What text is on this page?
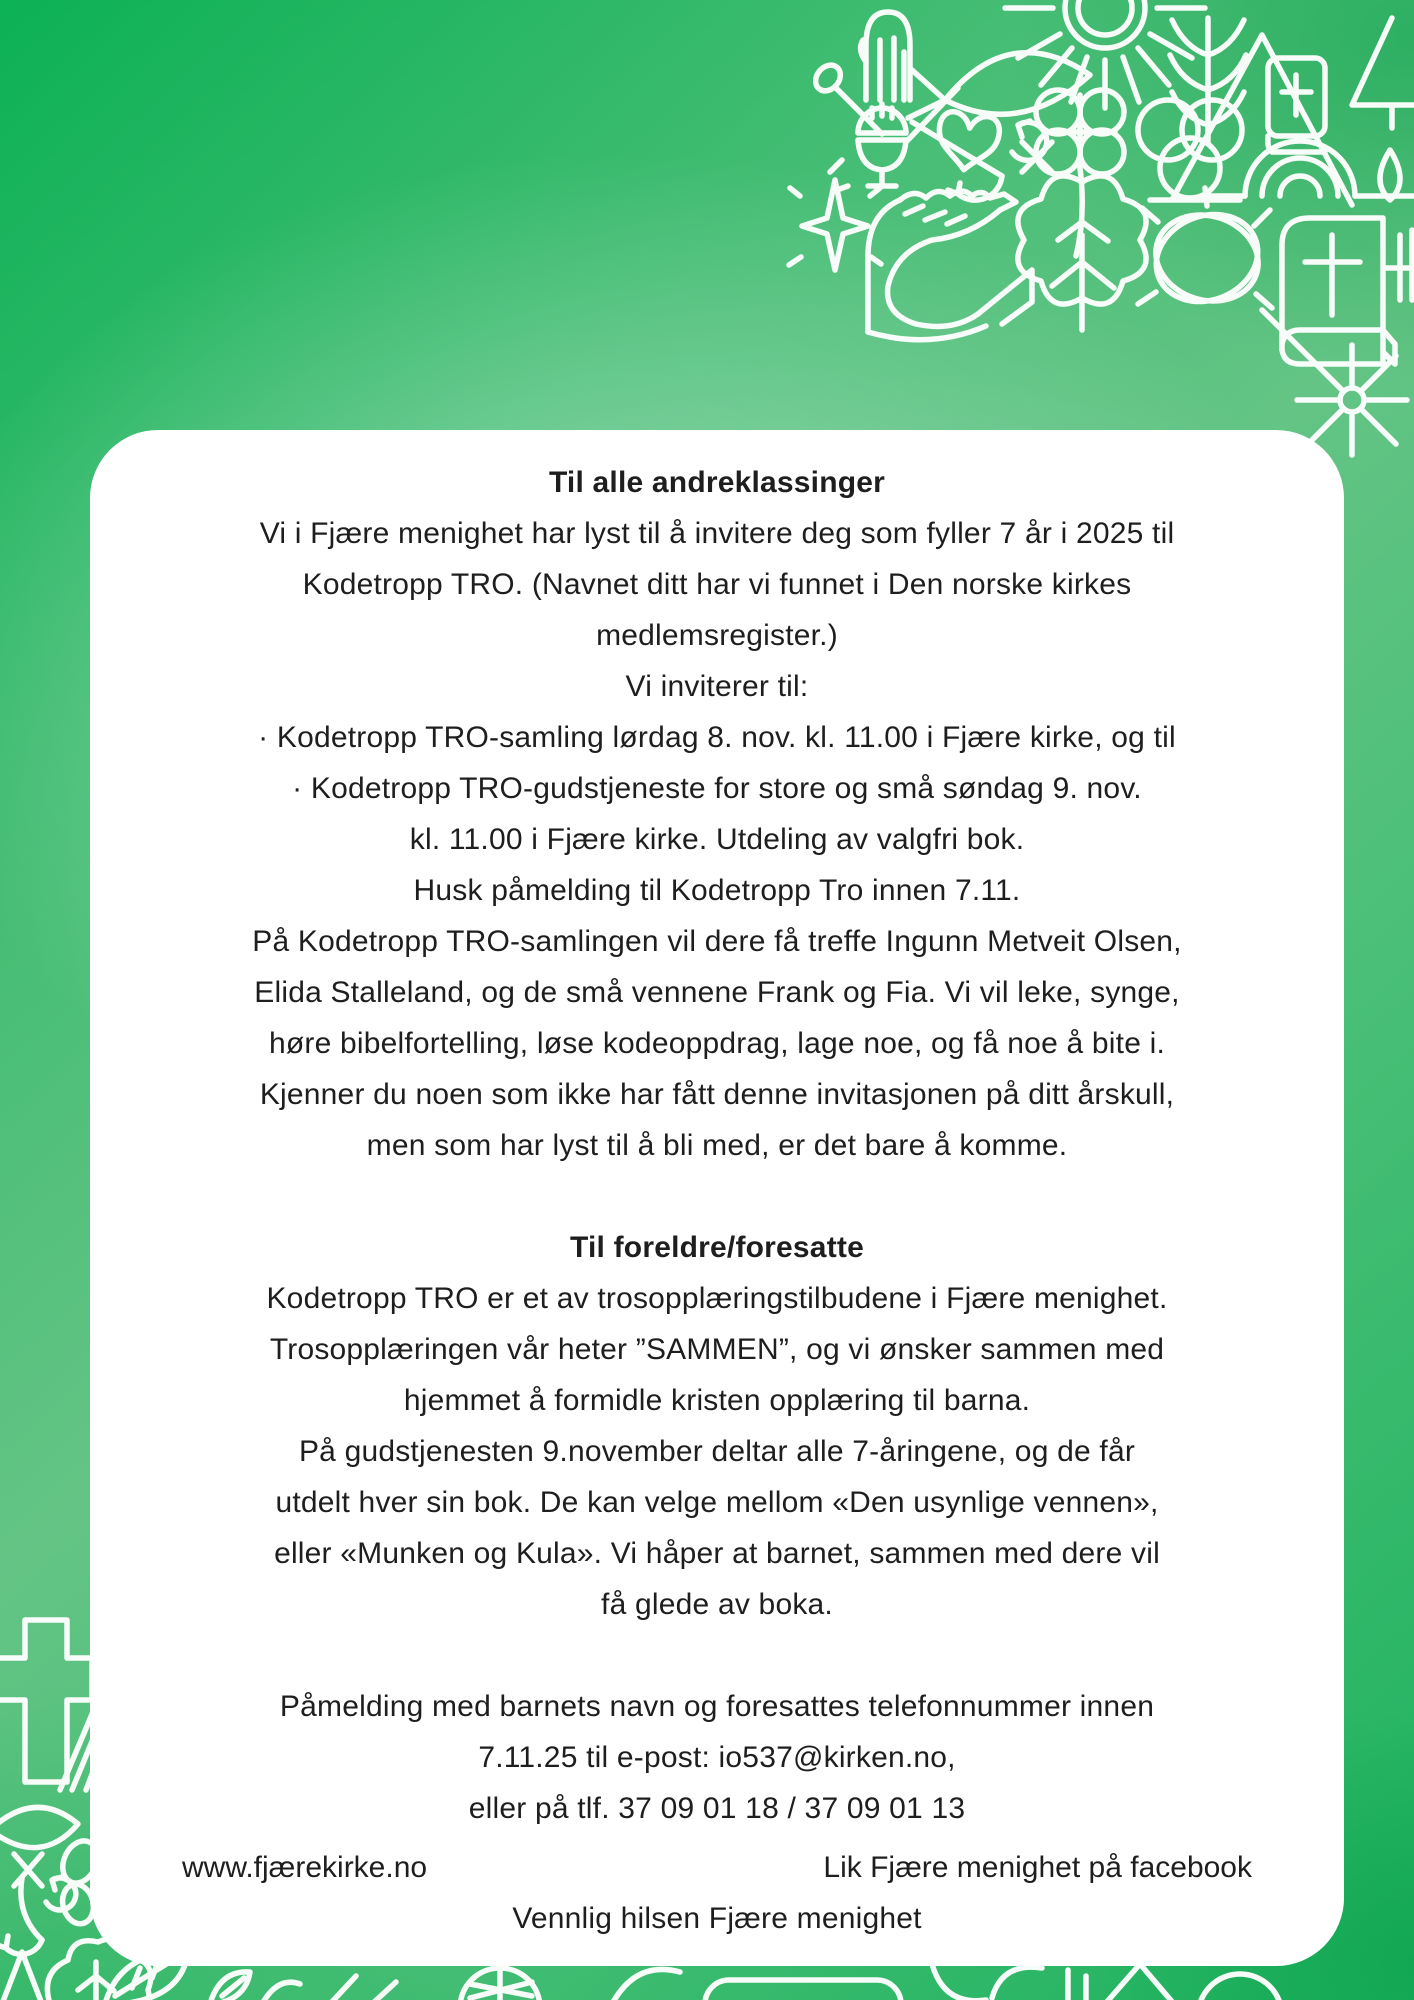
Til alle andreklassinger
Vi i Fjære menighet har lyst til å invitere deg som fyller 7 år i 2025 til
Kodetropp TRO. (Navnet ditt har vi funnet i Den norske kirkes
medlemsregister.)
Vi inviterer til:
· Kodetropp TRO-samling lørdag 8. nov. kl. 11.00 i Fjære kirke, og til
· Kodetropp TRO-gudstjeneste for store og små søndag 9. nov.
kl. 11.00 i Fjære kirke. Utdeling av valgfri bok.
Husk påmelding til Kodetropp Tro innen 7.11.
På Kodetropp TRO-samlingen vil dere få treffe Ingunn Metveit Olsen,
Elida Stalleland, og de små vennene Frank og Fia. Vi vil leke, synge,
høre bibelfortelling, løse kodeoppdrag, lage noe, og få noe å bite i.
Kjenner du noen som ikke har fått denne invitasjonen på ditt årskull,
men som har lyst til å bli med, er det bare å komme.
Til foreldre/foresatte
Kodetropp TRO er et av trosopplæringstilbudene i Fjære menighet.
Trosopplæringen vår heter ”SAMMEN”, og vi ønsker sammen med
hjemmet å formidle kristen opplæring til barna.
På gudstjenesten 9.november deltar alle 7-åringene, og de får
utdelt hver sin bok. De kan velge mellom «Den usynlige vennen»,
eller «Munken og Kula». Vi håper at barnet, sammen med dere vil
få glede av boka.
Påmelding med barnets navn og foresattes telefonnummer innen
7.11.25 til e-post: io537@kirken.no,
eller på tlf. 37 09 01 18 / 37 09 01 13
www.fjærekirke.no	Lik Fjære menighet på facebook
Vennlig hilsen Fjære menighet
